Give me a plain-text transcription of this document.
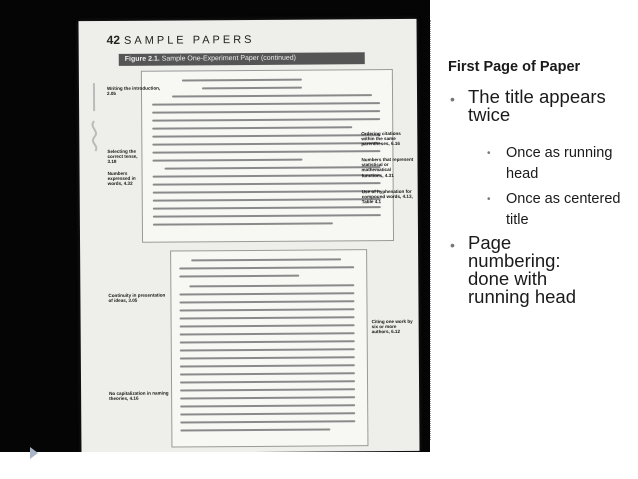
42 SAMPLE PAPERS
Figure 2.1. Sample One-Experiment Paper (continued)
Writing the introduction, 2.05
Selecting the correct tense, 3.18
Numbers expressed in words, 4.32
Ordering citations within the same parentheses, 6.16
Numbers that represent statistical or mathematical functions, 4.31
Use of hyphenation for compound words, 4.13, Table 4.1
Continuity in presentation of ideas, 3.05
Citing one work by six or more authors, 6.12
No capitalization in naming theories, 4.16
First Page of Paper
• The title appears twice
• Once as running head
• Once as centered title
• Page numbering: done with running head
